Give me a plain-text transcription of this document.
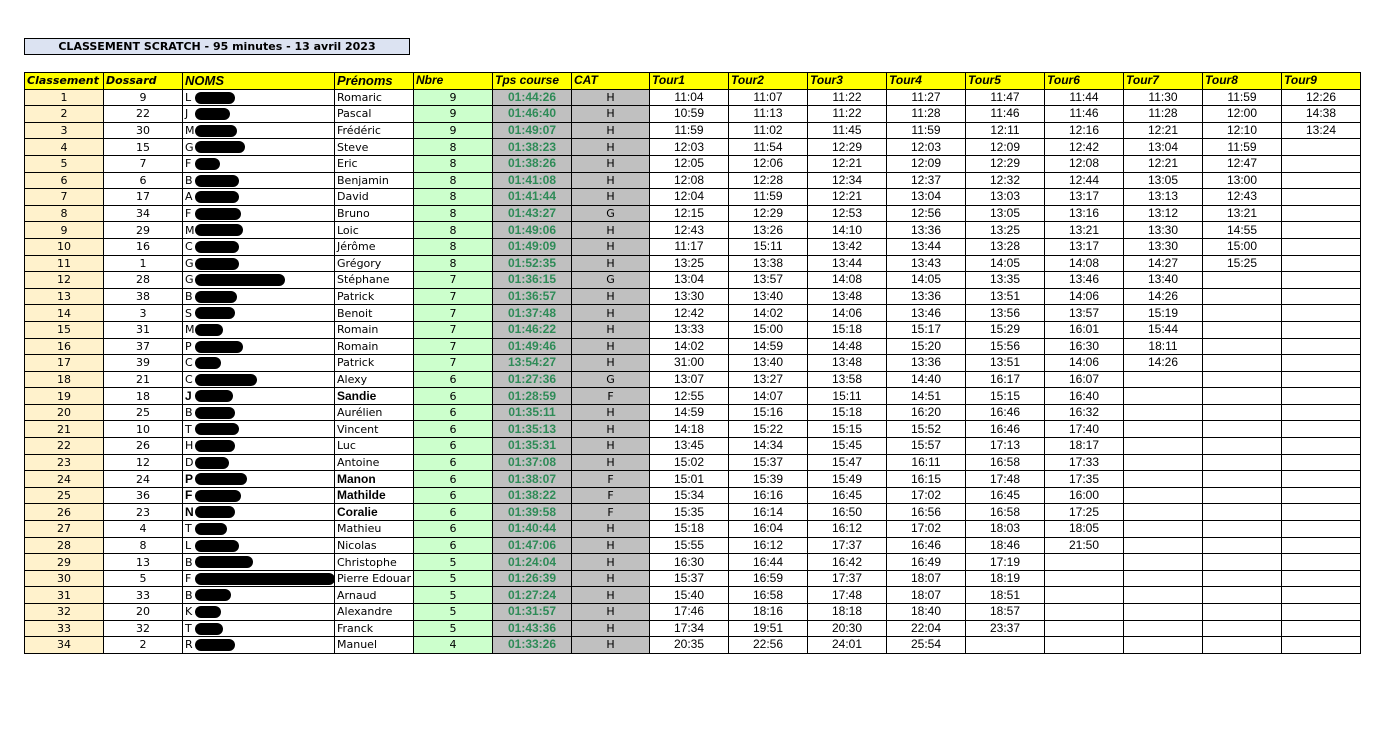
CLASSEMENT SCRATCH - 95 minutes - 13 avril 2023
Classement	Dossard	NOMS	Prénoms	Nbre	Tps course	CAT	Tour1	Tour2	Tour3	Tour4	Tour5	Tour6	Tour7	Tour8	Tour9
1	9	L	Romaric	9	01:44:26	H	11:04	11:07	11:22	11:27	11:47	11:44	11:30	11:59	12:26
2	22	J	Pascal	9	01:46:40	H	10:59	11:13	11:22	11:28	11:46	11:46	11:28	12:00	14:38
3	30	M	Frédéric	9	01:49:07	H	11:59	11:02	11:45	11:59	12:11	12:16	12:21	12:10	13:24
4	15	G	Steve	8	01:38:23	H	12:03	11:54	12:29	12:03	12:09	12:42	13:04	11:59	
5	7	F	Eric	8	01:38:26	H	12:05	12:06	12:21	12:09	12:29	12:08	12:21	12:47	
6	6	B	Benjamin	8	01:41:08	H	12:08	12:28	12:34	12:37	12:32	12:44	13:05	13:00	
7	17	A	David	8	01:41:44	H	12:04	11:59	12:21	13:04	13:03	13:17	13:13	12:43	
8	34	F	Bruno	8	01:43:27	G	12:15	12:29	12:53	12:56	13:05	13:16	13:12	13:21	
9	29	M	Loic	8	01:49:06	H	12:43	13:26	14:10	13:36	13:25	13:21	13:30	14:55	
10	16	C	Jérôme	8	01:49:09	H	11:17	15:11	13:42	13:44	13:28	13:17	13:30	15:00	
11	1	G	Grégory	8	01:52:35	H	13:25	13:38	13:44	13:43	14:05	14:08	14:27	15:25	
12	28	G	Stéphane	7	01:36:15	G	13:04	13:57	14:08	14:05	13:35	13:46	13:40		
13	38	B	Patrick	7	01:36:57	H	13:30	13:40	13:48	13:36	13:51	14:06	14:26		
14	3	S	Benoit	7	01:37:48	H	12:42	14:02	14:06	13:46	13:56	13:57	15:19		
15	31	M	Romain	7	01:46:22	H	13:33	15:00	15:18	15:17	15:29	16:01	15:44		
16	37	P	Romain	7	01:49:46	H	14:02	14:59	14:48	15:20	15:56	16:30	18:11		
17	39	C	Patrick	7	13:54:27	H	31:00	13:40	13:48	13:36	13:51	14:06	14:26		
18	21	C	Alexy	6	01:27:36	G	13:07	13:27	13:58	14:40	16:17	16:07			
19	18	J	Sandie	6	01:28:59	F	12:55	14:07	15:11	14:51	15:15	16:40			
20	25	B	Aurélien	6	01:35:11	H	14:59	15:16	15:18	16:20	16:46	16:32			
21	10	T	Vincent	6	01:35:13	H	14:18	15:22	15:15	15:52	16:46	17:40			
22	26	H	Luc	6	01:35:31	H	13:45	14:34	15:45	15:57	17:13	18:17			
23	12	D	Antoine	6	01:37:08	H	15:02	15:37	15:47	16:11	16:58	17:33			
24	24	P	Manon	6	01:38:07	F	15:01	15:39	15:49	16:15	17:48	17:35			
25	36	F	Mathilde	6	01:38:22	F	15:34	16:16	16:45	17:02	16:45	16:00			
26	23	N	Coralie	6	01:39:58	F	15:35	16:14	16:50	16:56	16:58	17:25			
27	4	T	Mathieu	6	01:40:44	H	15:18	16:04	16:12	17:02	18:03	18:05			
28	8	L	Nicolas	6	01:47:06	H	15:55	16:12	17:37	16:46	18:46	21:50			
29	13	B	Christophe	5	01:24:04	H	16:30	16:44	16:42	16:49	17:19				
30	5	F	Pierre Edouar	5	01:26:39	H	15:37	16:59	17:37	18:07	18:19				
31	33	B	Arnaud	5	01:27:24	H	15:40	16:58	17:48	18:07	18:51				
32	20	K	Alexandre	5	01:31:57	H	17:46	18:16	18:18	18:40	18:57				
33	32	T	Franck	5	01:43:36	H	17:34	19:51	20:30	22:04	23:37				
34	2	R	Manuel	4	01:33:26	H	20:35	22:56	24:01	25:54					
